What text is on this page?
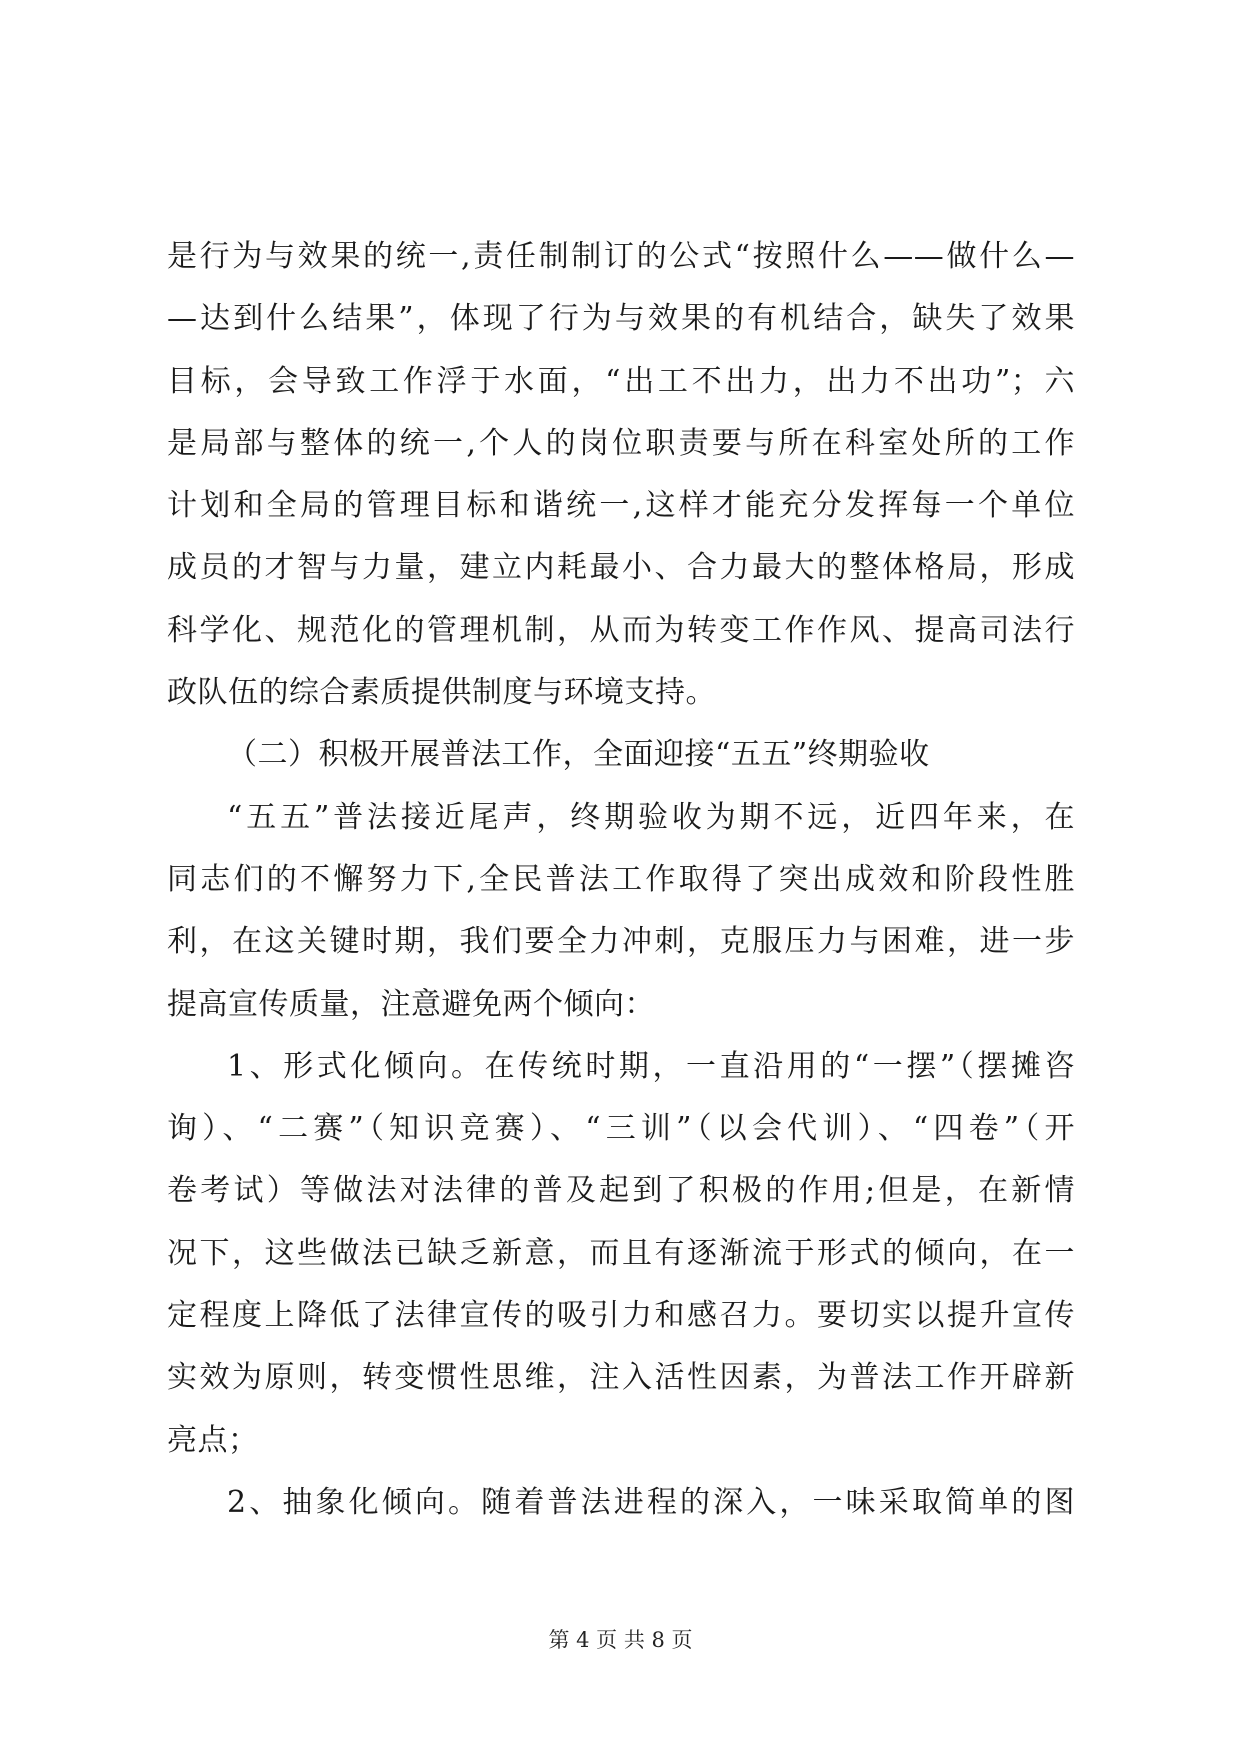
是行为与效果的统一,责任制制订的公式“按照什么——做什么—
—达到什么结果”，体现了行为与效果的有机结合，缺失了效果
目标，会导致工作浮于水面，“出工不出力，出力不出功”；六
是局部与整体的统一,个人的岗位职责要与所在科室处所的工作
计划和全局的管理目标和谐统一,这样才能充分发挥每一个单位
成员的才智与力量，建立内耗最小、合力最大的整体格局，形成
科学化、规范化的管理机制，从而为转变工作作风、提高司法行
政队伍的综合素质提供制度与环境支持。
（二）积极开展普法工作，全面迎接“五五”终期验收
“五五”普法接近尾声，终期验收为期不远，近四年来，在
同志们的不懈努力下,全民普法工作取得了突出成效和阶段性胜
利，在这关键时期，我们要全力冲刺，克服压力与困难，进一步
提高宣传质量，注意避免两个倾向：
1、形式化倾向。在传统时期，一直沿用的“一摆”（摆摊咨
询）、“二赛”（知识竞赛）、“三训”（以会代训）、“四卷”（开
卷考试）等做法对法律的普及起到了积极的作用;但是，在新情
况下，这些做法已缺乏新意，而且有逐渐流于形式的倾向，在一
定程度上降低了法律宣传的吸引力和感召力。要切实以提升宣传
实效为原则，转变惯性思维，注入活性因素，为普法工作开辟新
亮点；
2、抽象化倾向。随着普法进程的深入，一味采取简单的图
第 4 页 共 8 页
